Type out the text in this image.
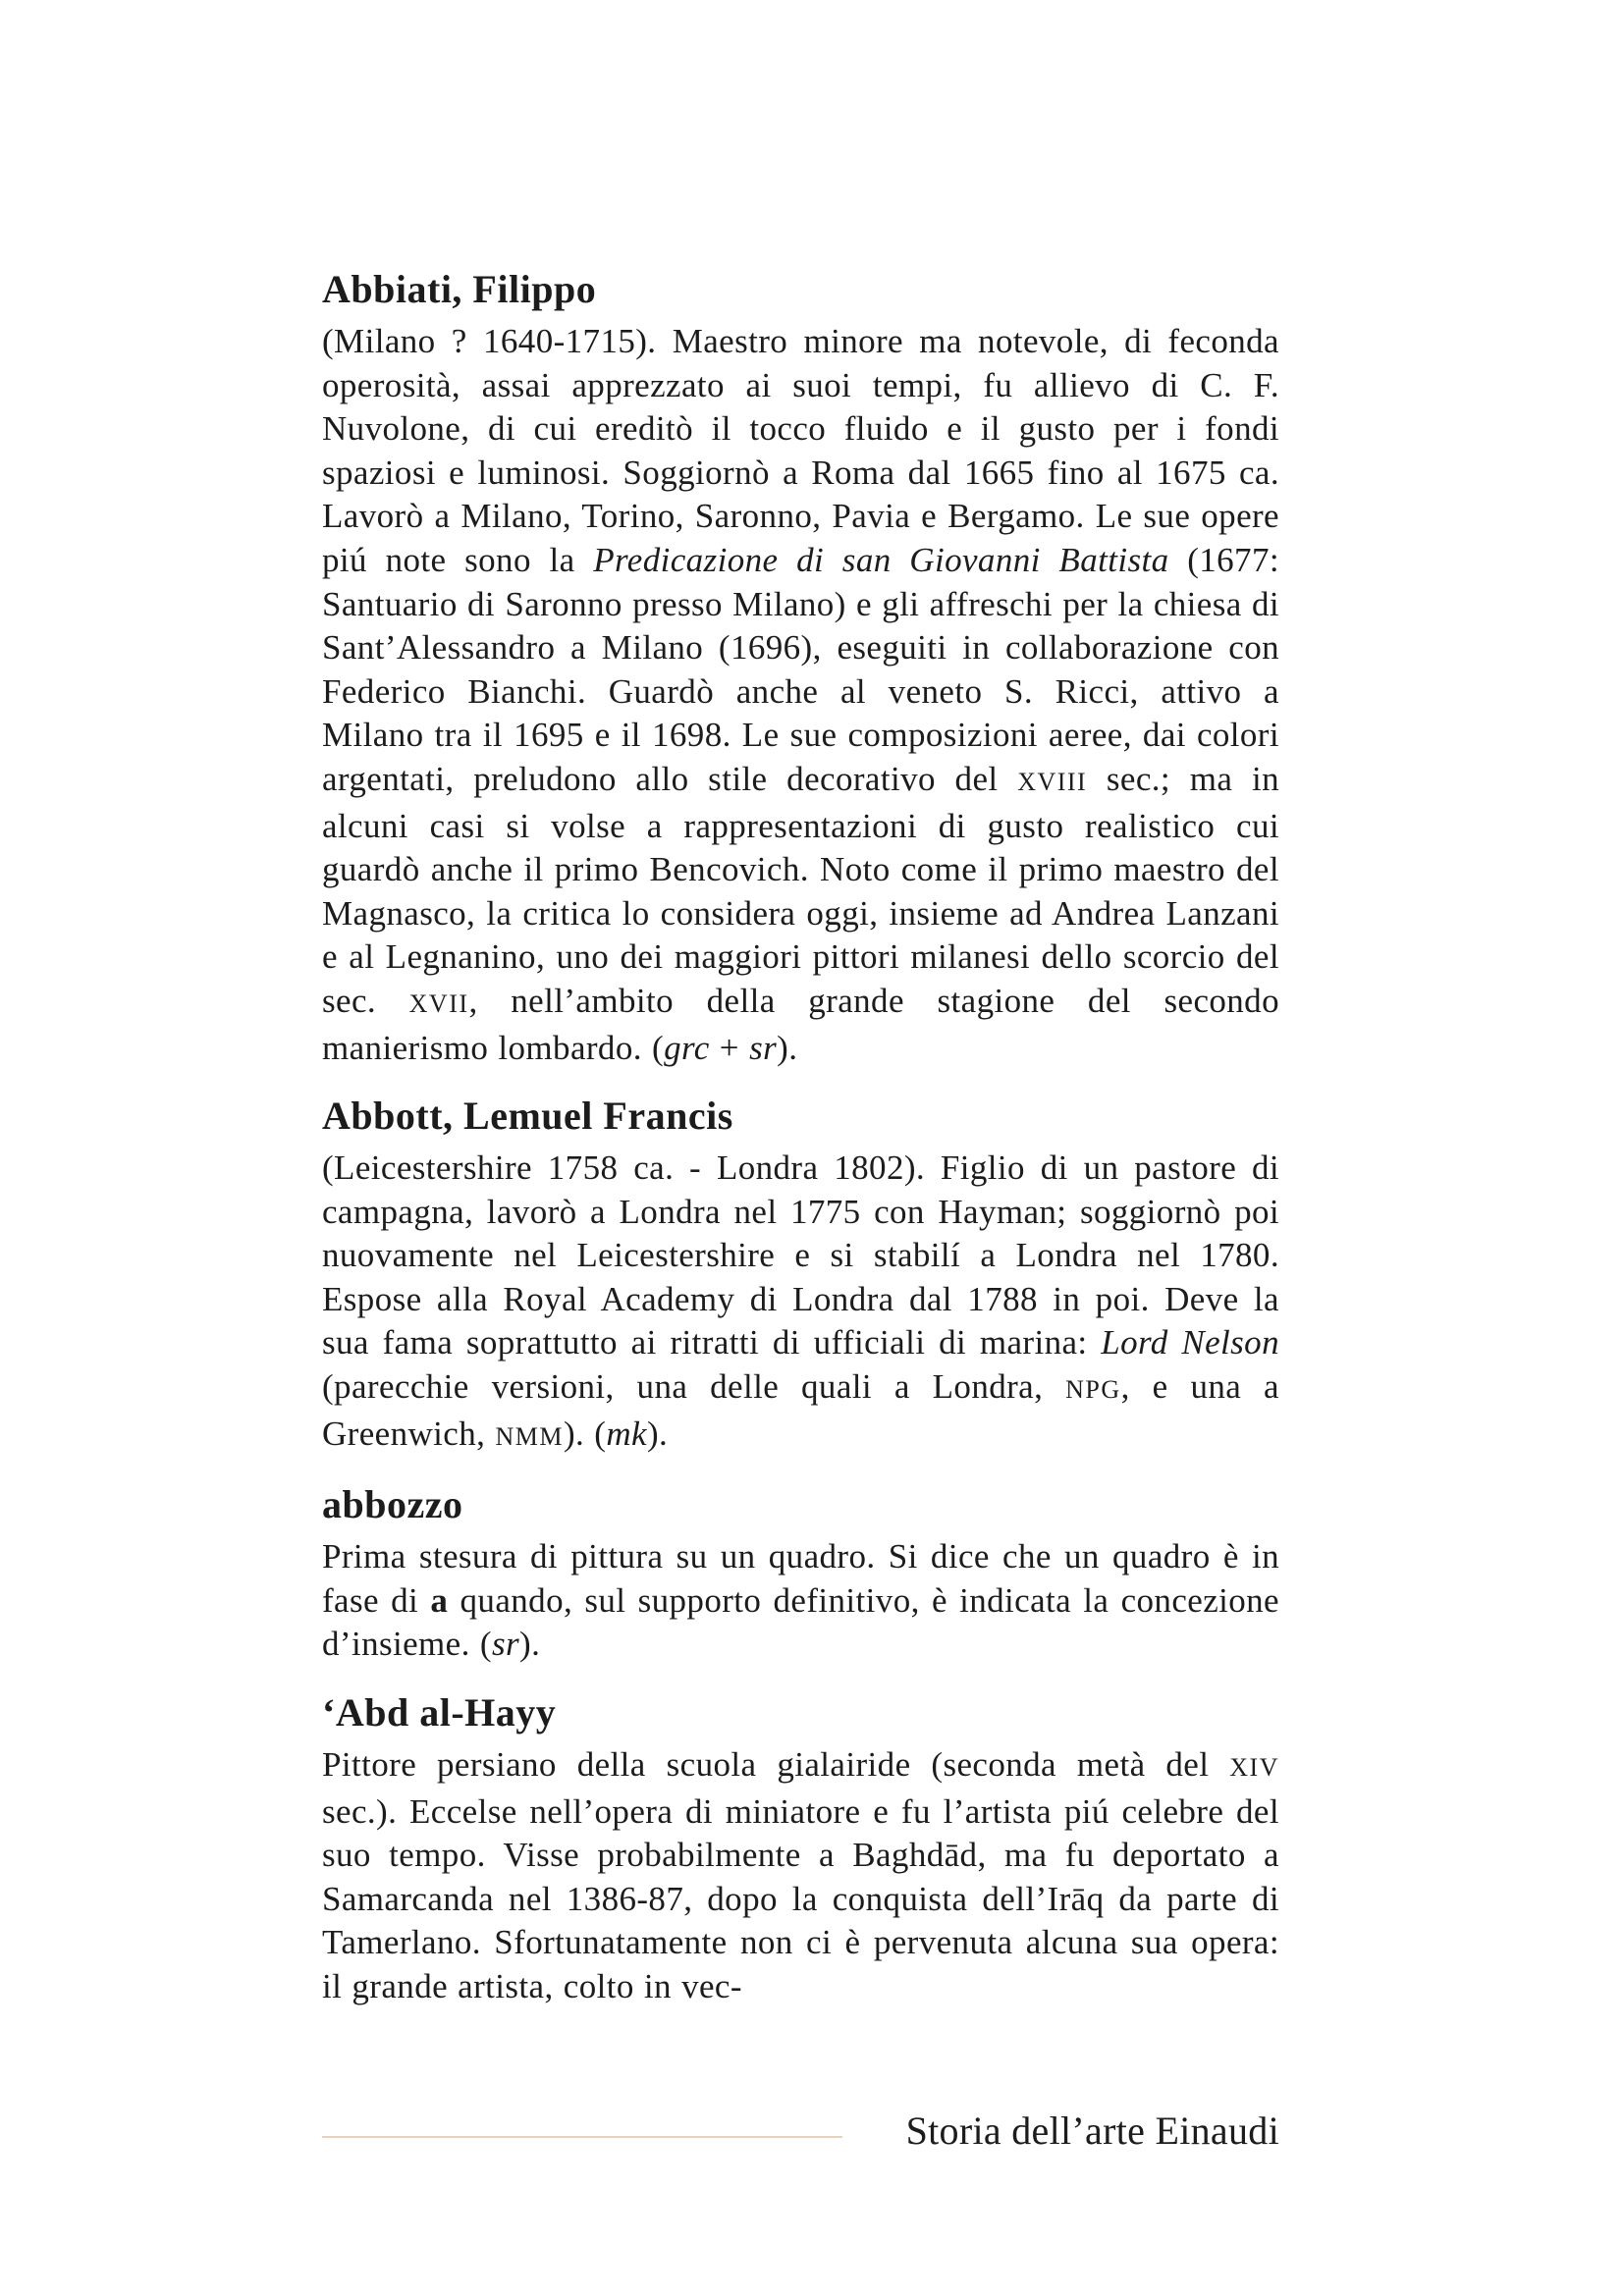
Abbiati, Filippo

(Milano ? 1640-1715). Maestro minore ma notevole, di feconda operosità, assai apprezzato ai suoi tempi, fu allievo di C. F. Nuvolone, di cui ereditò il tocco fluido e il gusto per i fondi spaziosi e luminosi. Soggiornò a Roma dal 1665 fino al 1675 ca. Lavorò a Milano, Torino, Saronno, Pavia e Bergamo. Le sue opere piú note sono la Predicazione di san Giovanni Battista (1677: Santuario di Saronno presso Milano) e gli affreschi per la chiesa di Sant’Alessandro a Milano (1696), eseguiti in collaborazione con Federico Bianchi. Guardò anche al veneto S. Ricci, attivo a Milano tra il 1695 e il 1698. Le sue composizioni aeree, dai colori argentati, preludono allo stile decorativo del XVIII sec.; ma in alcuni casi si volse a rappresentazioni di gusto realistico cui guardò anche il primo Bencovich. Noto come il primo maestro del Magnasco, la critica lo considera oggi, insieme ad Andrea Lanzani e al Legnanino, uno dei maggiori pittori milanesi dello scorcio del sec. XVII, nell’ambito della grande stagione del secondo manierismo lombardo. (grc + sr).

Abbott, Lemuel Francis

(Leicestershire 1758 ca. - Londra 1802). Figlio di un pastore di campagna, lavorò a Londra nel 1775 con Hayman; soggiornò poi nuovamente nel Leicestershire e si stabilí a Londra nel 1780. Espose alla Royal Academy di Londra dal 1788 in poi. Deve la sua fama soprattutto ai ritratti di ufficiali di marina: Lord Nelson (parecchie versioni, una delle quali a Londra, NPG, e una a Greenwich, NMM). (mk).

abbozzo

Prima stesura di pittura su un quadro. Si dice che un quadro è in fase di a quando, sul supporto definitivo, è indicata la concezione d’insieme. (sr).

‘Abd al-Hayy

Pittore persiano della scuola gialairide (seconda metà del XIV sec.). Eccelse nell’opera di miniatore e fu l’artista piú celebre del suo tempo. Visse probabilmente a Baghdād, ma fu deportato a Samarcanda nel 1386-87, dopo la conquista dell’Irāq da parte di Tamerlano. Sfortunatamente non ci è pervenuta alcuna sua opera: il grande artista, colto in vec-

Storia dell’arte Einaudi
